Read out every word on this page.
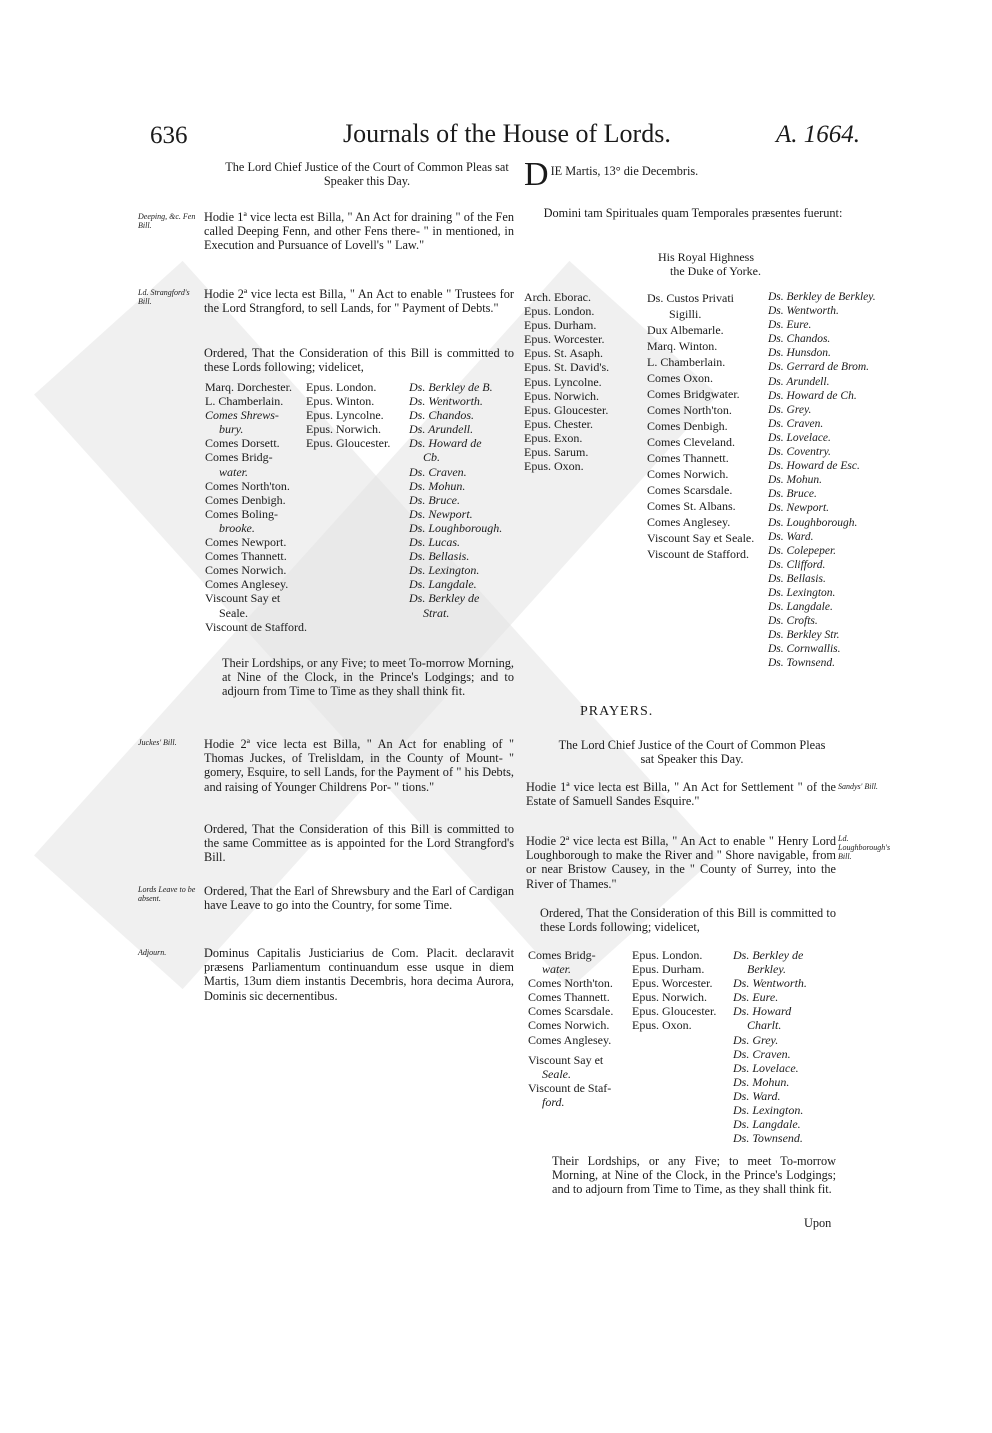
636	Journals of the House of Lords.	A. 1664.
Deeping, &c. Fen Bill.
Ld. Strangford's Bill.
Juckes' Bill.
Lords Leave to be absent.
Adjourn.
Sandys' Bill.
Ld. Loughborough's Bill.

The Lord Chief Justice of the Court of Common Pleas sat Speaker this Day.

Hodie 1ª vice lecta est Billa, " An Act for draining " of the Fen called Deeping Fenn, and other Fens there- " in mentioned, in Execution and Pursuance of Lovell's " Law."

Hodie 2ª vice lecta est Billa, " An Act to enable " Trustees for the Lord Strangford, to sell Lands, for " Payment of Debts."

Ordered, That the Consideration of this Bill is committed to these Lords following; videlicet,

Marq. Dorchester.
L. Chamberlain.
Comes Shrews-
bury.
Comes Dorsett.
Comes Bridg-
water.
Comes North'ton.
Comes Denbigh.
Comes Boling-
brooke.
Comes Newport.
Comes Thannett.
Comes Norwich.
Comes Anglesey.
Viscount Say et
Seale.
Viscount de Stafford.
Epus. London.
Epus. Winton.
Epus. Lyncolne.
Epus. Norwich.
Epus. Gloucester.
Ds. Berkley de B.
Ds. Wentworth.
Ds. Chandos.
Ds. Arundell.
Ds. Howard de
Cb.
Ds. Craven.
Ds. Mohun.
Ds. Bruce.
Ds. Newport.
Ds. Loughborough.
Ds. Lucas.
Ds. Bellasis.
Ds. Lexington.
Ds. Langdale.
Ds. Berkley de
Strat.

Their Lordships, or any Five; to meet To-morrow Morning, at Nine of the Clock, in the Prince's Lodgings; and to adjourn from Time to Time as they shall think fit.

Hodie 2ª vice lecta est Billa, " An Act for enabling of " Thomas Juckes, of Trelisldam, in the County of Mount- " gomery, Esquire, to sell Lands, for the Payment of " his Debts, and raising of Younger Childrens Por- " tions."

Ordered, That the Consideration of this Bill is committed to the same Committee as is appointed for the Lord Strangford's Bill.

Ordered, That the Earl of Shrewsbury and the Earl of Cardigan have Leave to go into the Country, for some Time.

Dominus Capitalis Justiciarius de Com. Placit. declaravit præsens Parliamentum continuandum esse usque in diem Martis, 13um diem instantis Decembris, hora decima Aurora, Dominis sic decernentibus.

D IE Martis, 13° die Decembris.

Domini tam Spirituales quam Temporales præsentes fuerunt:

His Royal Highness
the Duke of Yorke.
Arch. Eborac.
Epus. London.
Epus. Durham.
Epus. Worcester.
Epus. St. Asaph.
Epus. St. David's.
Epus. Lyncolne.
Epus. Norwich.
Epus. Gloucester.
Epus. Chester.
Epus. Exon.
Epus. Sarum.
Epus. Oxon.
Ds. Custos Privati
Sigilli.
Dux Albemarle.
Marq. Winton.
L. Chamberlain.
Comes Oxon.
Comes Bridgwater.
Comes North'ton.
Comes Denbigh.
Comes Cleveland.
Comes Thannett.
Comes Norwich.
Comes Scarsdale.
Comes St. Albans.
Comes Anglesey.
Viscount Say et Seale.
Viscount de Stafford.
Ds. Berkley de Berkley.
Ds. Wentworth.
Ds. Eure.
Ds. Chandos.
Ds. Hunsdon.
Ds. Gerrard de Brom.
Ds. Arundell.
Ds. Howard de Ch.
Ds. Grey.
Ds. Craven.
Ds. Lovelace.
Ds. Coventry.
Ds. Howard de Esc.
Ds. Mohun.
Ds. Bruce.
Ds. Newport.
Ds. Loughborough.
Ds. Ward.
Ds. Colepeper.
Ds. Clifford.
Ds. Bellasis.
Ds. Lexington.
Ds. Langdale.
Ds. Crofts.
Ds. Berkley Str.
Ds. Cornwallis.
Ds. Townsend.
PRAYERS.

The Lord Chief Justice of the Court of Common Pleas sat Speaker this Day.

Hodie 1ª vice lecta est Billa, " An Act for Settlement " of the Estate of Samuell Sandes Esquire."

Hodie 2ª vice lecta est Billa, " An Act to enable " Henry Lord Loughborough to make the River and " Shore navigable, from or near Bristow Causey, in the " County of Surrey, into the River of Thames."

Ordered, That the Consideration of this Bill is committed to these Lords following; videlicet,

Comes Bridg-
water.
Comes North'ton.
Comes Thannett.
Comes Scarsdale.
Comes Norwich.
Comes Anglesey.
Viscount Say et
Seale.
Viscount de Staf-
ford.
Epus. London.
Epus. Durham.
Epus. Worcester.
Epus. Norwich.
Epus. Gloucester.
Epus. Oxon.
Ds. Berkley de
Berkley.
Ds. Wentworth.
Ds. Eure.
Ds. Howard
Charlt.
Ds. Grey.
Ds. Craven.
Ds. Lovelace.
Ds. Mohun.
Ds. Ward.
Ds. Lexington.
Ds. Langdale.
Ds. Townsend.

Their Lordships, or any Five; to meet To-morrow Morning, at Nine of the Clock, in the Prince's Lodgings; and to adjourn from Time to Time, as they shall think fit.

Upon
